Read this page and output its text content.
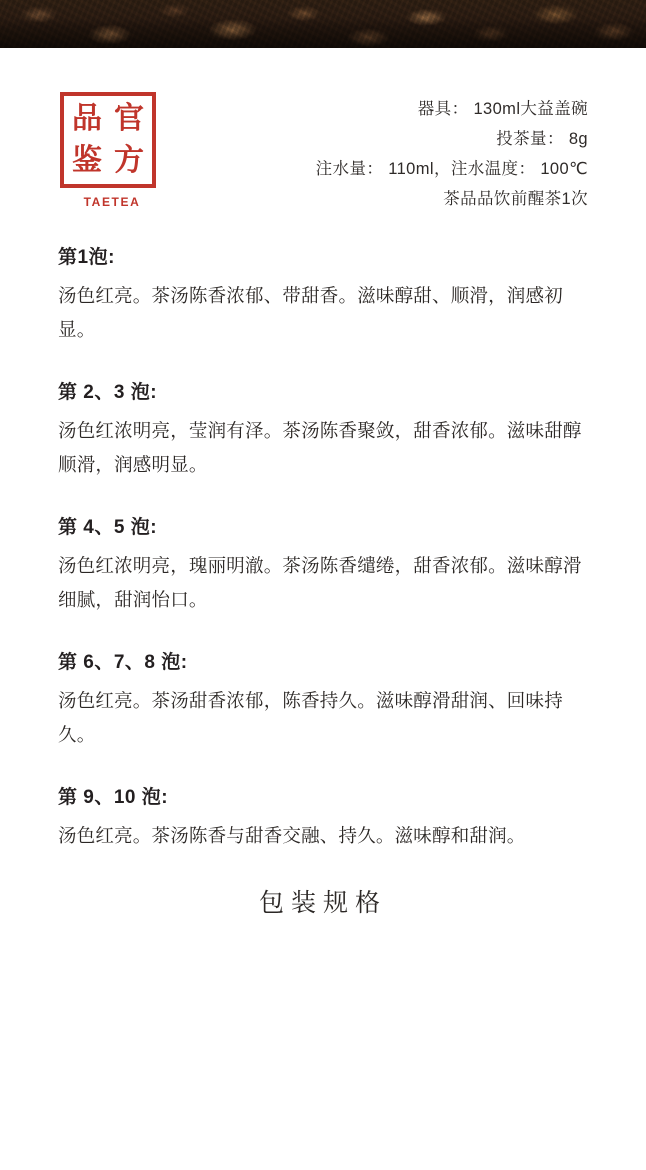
官
品
方
鉴
TAETEA
器具： 130ml大益盖碗
投茶量： 8g
注水量： 110ml，注水温度： 100℃
茶品品饮前醒茶1次
第1泡:
汤色红亮。茶汤陈香浓郁、带甜香。滋味醇甜、顺滑，润感初显。
第 2、3 泡:
汤色红浓明亮，莹润有泽。茶汤陈香聚敛，甜香浓郁。滋味甜醇顺滑，润感明显。
第 4、5 泡:
汤色红浓明亮，瑰丽明澈。茶汤陈香缱绻，甜香浓郁。滋味醇滑细腻，甜润怡口。
第 6、7、8 泡:
汤色红亮。茶汤甜香浓郁，陈香持久。滋味醇滑甜润、回味持久。
第 9、10 泡:
汤色红亮。茶汤陈香与甜香交融、持久。滋味醇和甜润。
包装规格
